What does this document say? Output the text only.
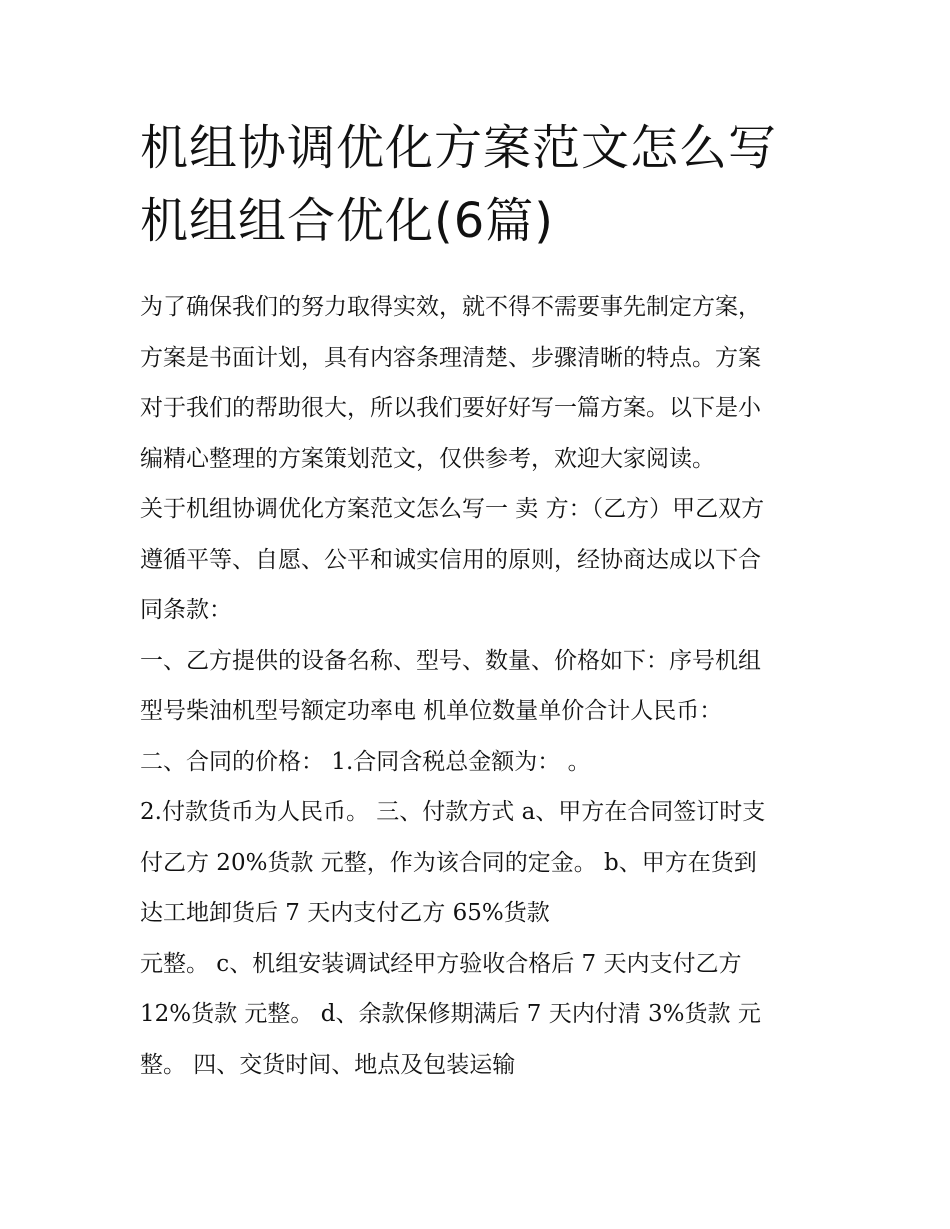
机组协调优化方案范文怎么写
机组组合优化(6篇)
为了确保我们的努力取得实效，就不得不需要事先制定方案，
方案是书面计划，具有内容条理清楚、步骤清晰的特点。方案
对于我们的帮助很大，所以我们要好好写一篇方案。以下是小
编精心整理的方案策划范文，仅供参考，欢迎大家阅读。
关于机组协调优化方案范文怎么写一 卖 方：（乙方）甲乙双方
遵循平等、自愿、公平和诚实信用的原则，经协商达成以下合
同条款：
一、乙方提供的设备名称、型号、数量、价格如下：序号机组
型号柴油机型号额定功率电 机单位数量单价合计人民币：
二、合同的价格： 1.合同含税总金额为： 。
2.付款货币为人民币。 三、付款方式 a、甲方在合同签订时支
付乙方 20%货款 元整，作为该合同的定金。 b、甲方在货到
达工地卸货后 7 天内支付乙方 65%货款
元整。 c、机组安装调试经甲方验收合格后 7 天内支付乙方
12%货款 元整。 d、余款保修期满后 7 天内付清 3%货款 元
整。 四、交货时间、地点及包装运输
